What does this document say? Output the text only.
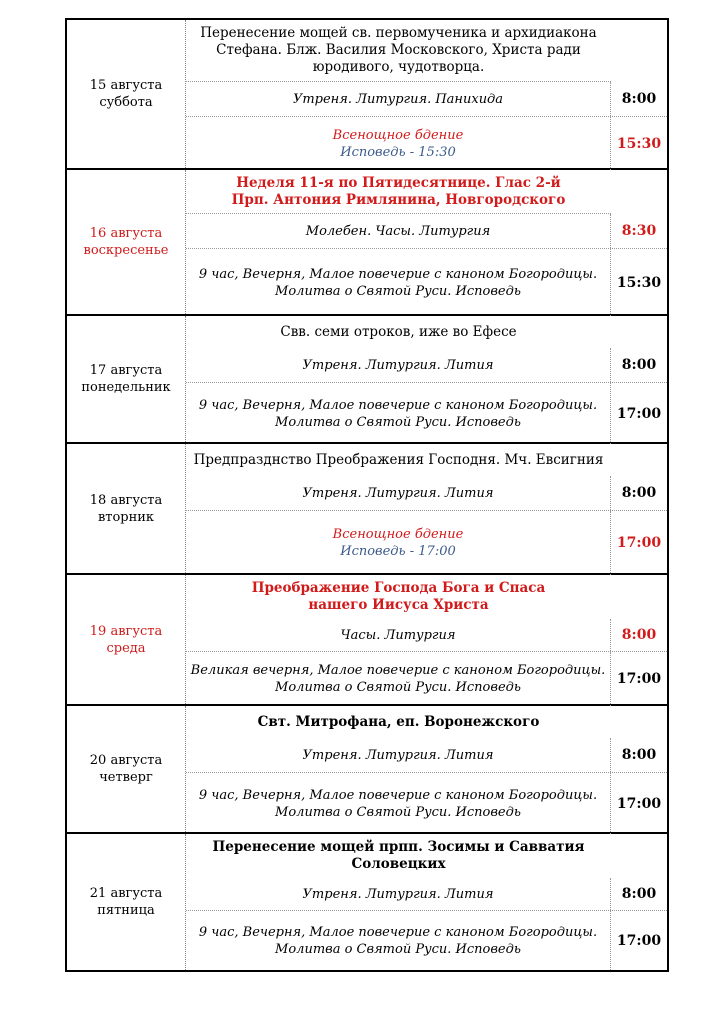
15 августа
суббота
Перенесение мощей св. первомученика и архидиакона Стефана. Блж. Василия Московского, Христа ради юродивого, чудотворца.
Утреня. Литургия. Панихида	8:00
Всенощное бдение
Исповедь - 15:30
15:30
16 августа
воскресенье
Неделя 11-я по Пятидесятнице. Глас 2-й
Прп. Антония Римлянина, Новгородского
Молебен. Часы. Литургия	8:30
9 час, Вечерня, Малое повечерие с каноном Богородицы.
Молитва о Святой Руси. Исповедь
15:30
17 августа
понедельник
Свв. семи отроков, иже во Ефесе
Утреня. Литургия. Лития	8:00
9 час, Вечерня, Малое повечерие с каноном Богородицы.
Молитва о Святой Руси. Исповедь
17:00
18 августа
вторник
Предпразднство Преображения Господня. Мч. Евсигния
Утреня. Литургия. Лития	8:00
Всенощное бдение
Исповедь - 17:00
17:00
19 августа
среда
Преображение Господа Бога и Спаса
нашего Иисуса Христа
Часы. Литургия	8:00
Великая вечерня, Малое повечерие с каноном Богородицы.
Молитва о Святой Руси. Исповедь
17:00
20 августа
четверг
Свт. Митрофана, еп. Воронежского
Утреня. Литургия. Лития	8:00
9 час, Вечерня, Малое повечерие с каноном Богородицы.
Молитва о Святой Руси. Исповедь
17:00
21 августа
пятница
Перенесение мощей прпп. Зосимы и Савватия
Соловецких
Утреня. Литургия. Лития	8:00
9 час, Вечерня, Малое повечерие с каноном Богородицы.
Молитва о Святой Руси. Исповедь
17:00
